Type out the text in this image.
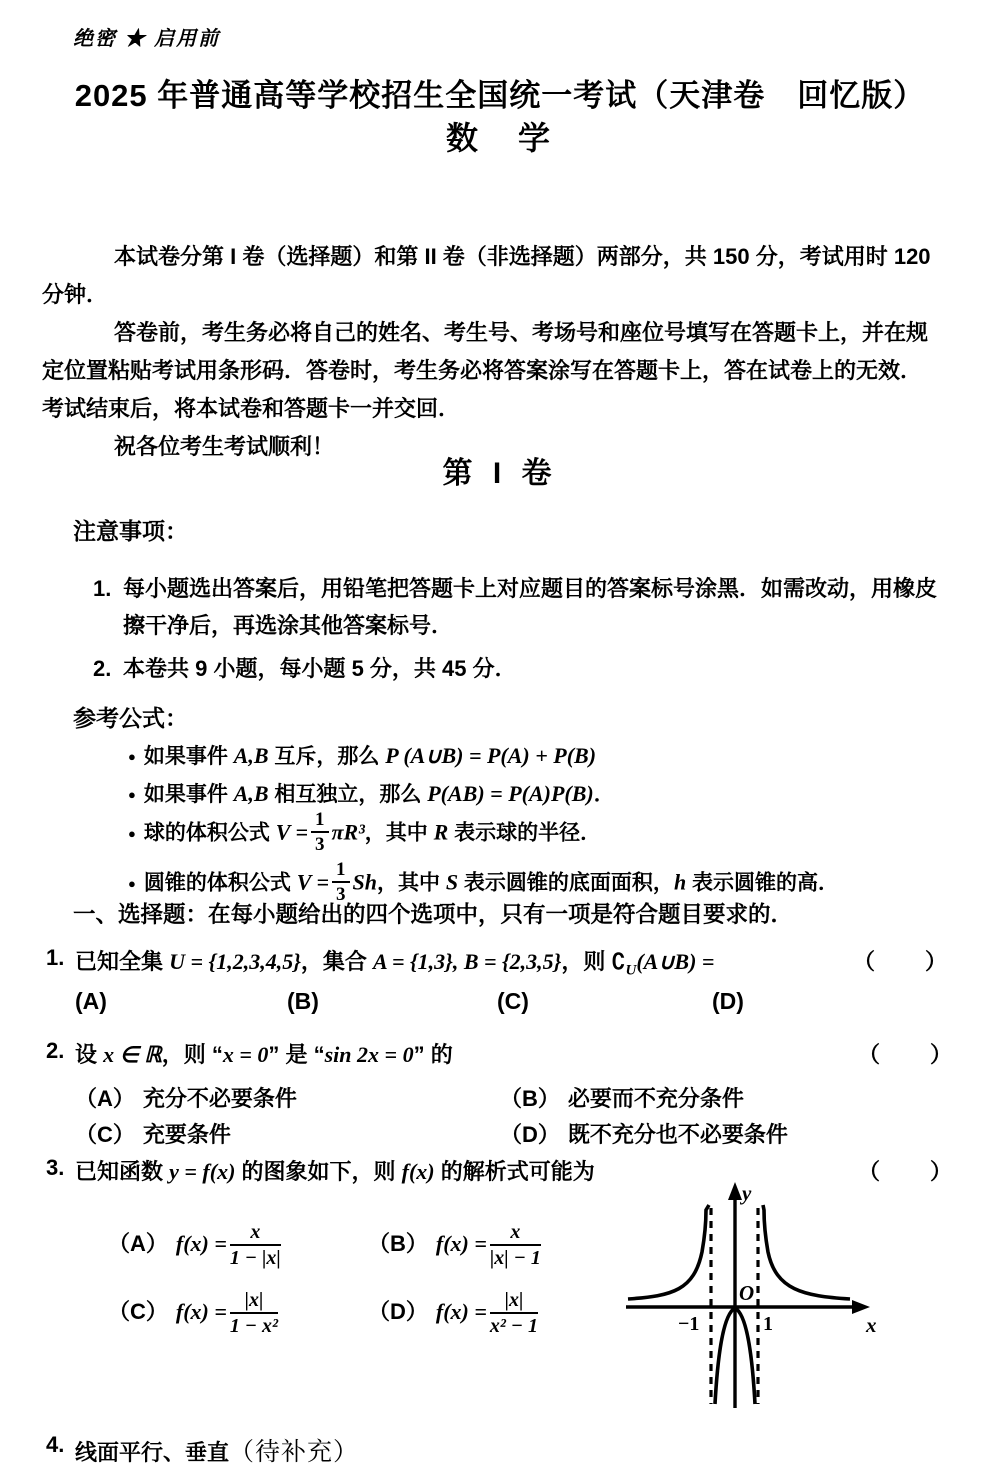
绝密 ★ 启用前
2025 年普通高等学校招生全国统一考试（天津卷　回忆版）
数　学

本试卷分第 I 卷（选择题）和第 II 卷（非选择题）两部分，共 150 分，考试用时 120 分钟．

答卷前，考生务必将自己的姓名、考生号、考场号和座位号填写在答题卡上，并在规定位置粘贴考试用条形码．答卷时，考生务必将答案涂写在答题卡上，答在试卷上的无效．考试结束后，将本试卷和答题卡一并交回．

祝各位考生考试顺利！

第 I 卷
注意事项：
1. 每小题选出答案后，用铅笔把答题卡上对应题目的答案标号涂黑．如需改动，用橡皮擦干净后，再选涂其他答案标号．
2. 本卷共 9 小题，每小题 5 分，共 45 分．
参考公式：
● 如果事件 A,B 互斥，那么 P (A∪B) = P(A) + P(B)
● 如果事件 A,B 相互独立，那么 P(AB) = P(A)P(B)．
● 球的体积公式 $V = \frac{1}{3} \pi R^3$，其中 R 表示球的半径．
● 圆锥的体积公式 $V = \frac{1}{3}$ Sh，其中 S 表示圆锥的底面面积，h 表示圆锥的高．
一、选择题：在每小题给出的四个选项中，只有一项是符合题目要求的．
1. 已知全集 U = {1,2,3,4,5}，集合 A = {1,3}, B = {2,3,5}，则 $∁_U(A\cup B)$ =	（　　）
(A)	(B)	(C)	(D)
2. 设 x ∈ ℝ，则 “x = 0” 是 “sin 2x = 0” 的	（　　）
（A） 充分不必要条件	（B） 必要而不充分条件
（C） 充要条件	（D） 既不充分也不必要条件
3. 已知函数 y = f(x) 的图象如下，则 f(x) 的解析式可能为	（　　）
（A） $f(x) = \frac{x}{1 - |x|}$	（B） $f(x) = \frac{x}{|x| - 1}$
（C） $f(x) = \frac{|x|}{\text{1 − x²}}$	（D） $f(x) = \frac{|x|}{\text{x² − 1}}$
y
x
O
−1	1
4. 线面平行、垂直（待补充）
